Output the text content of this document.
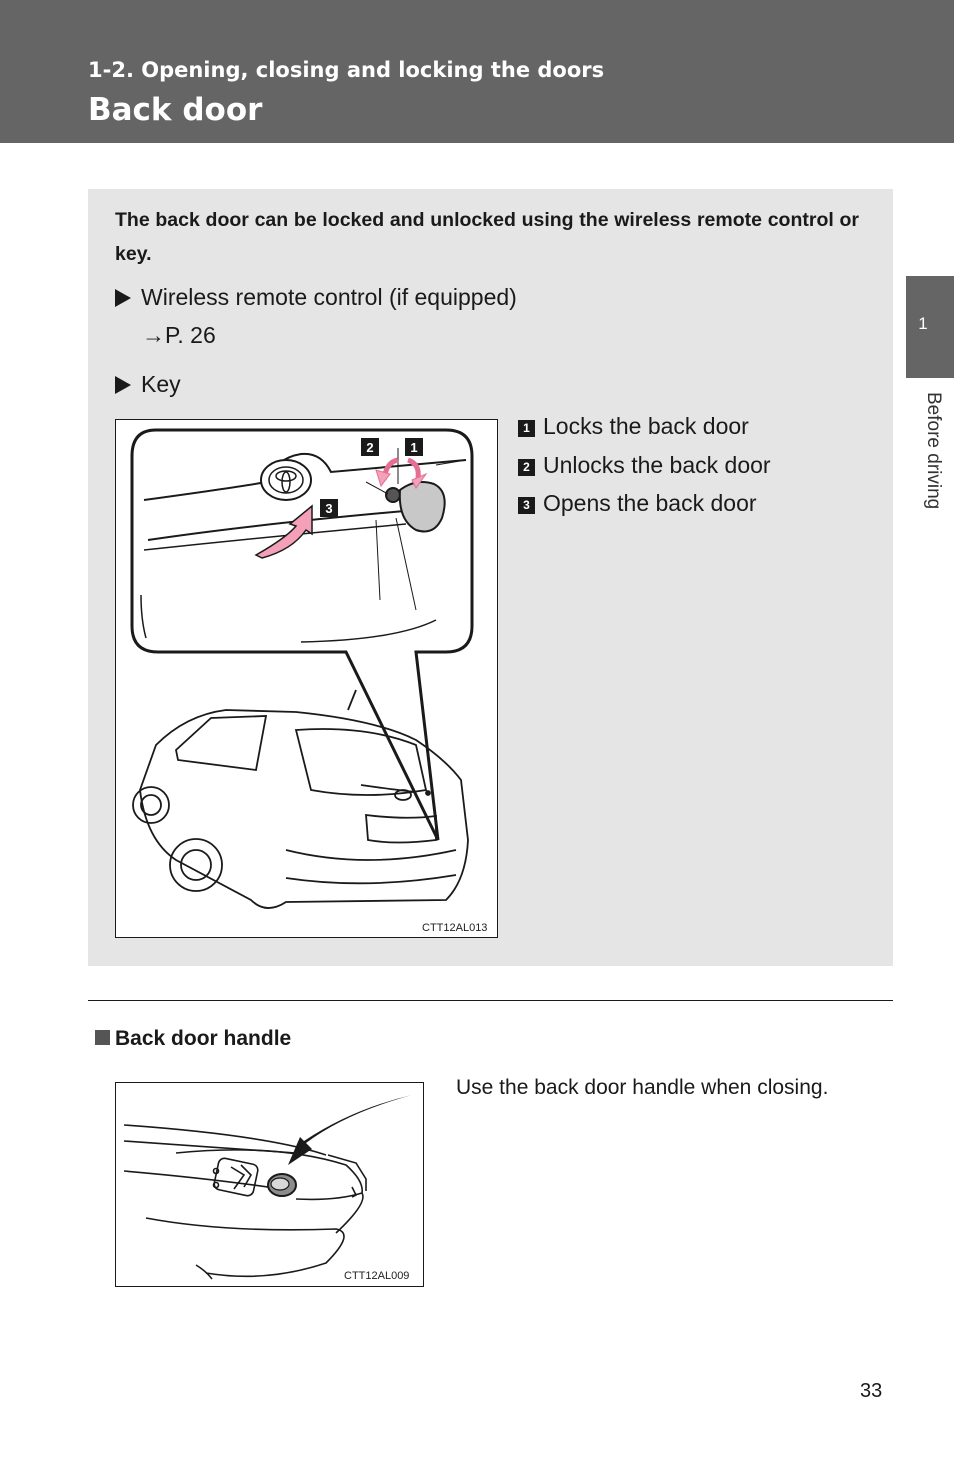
1-2. Opening, closing and locking the doors
Back door
1
Before driving

The back door can be locked and unlocked using the wireless remote control or key.

Wireless remote control (if equipped)
→P. 26
Key
2	1
3
CTT12AL013
1 Locks the back door
2 Unlocks the back door
3 Opens the back door
Back door handle
CTT12AL009
Use the back door handle when closing.
33
